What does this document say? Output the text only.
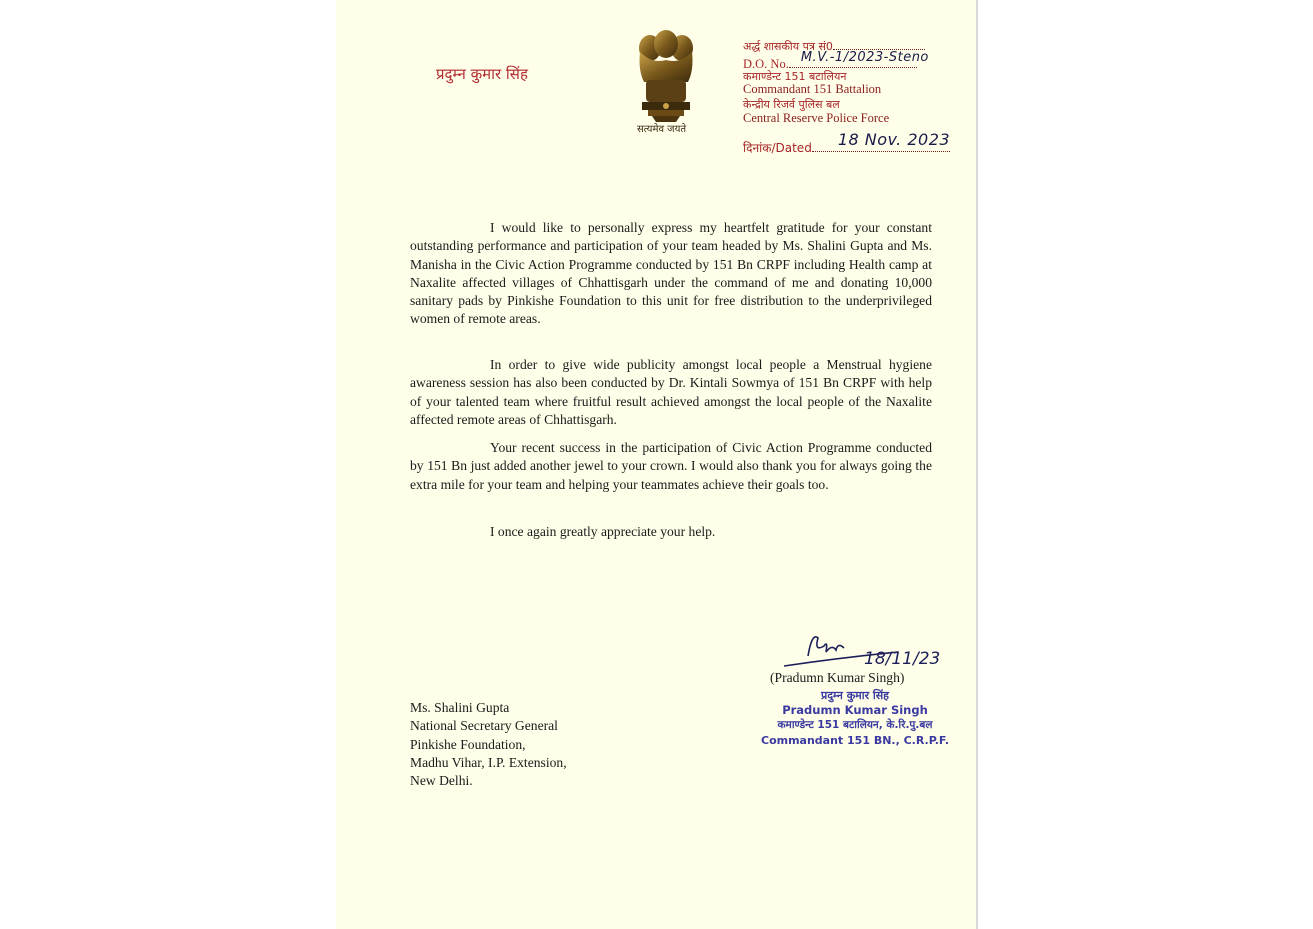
प्रदुम्न कुमार सिंह
सत्यमेव जयते
अर्द्ध शासकीय पत्र सं0
D.O. No. M.V.-1/2023-Steno
कमाण्डेन्ट 151 बटालियन
Commandant 151 Battalion
केन्द्रीय रिजर्व पुलिस बल
Central Reserve Police Force
दिनांक/Dated 18 Nov. 2023

I would like to personally express my heartfelt gratitude for your constant outstanding performance and participation of your team headed by Ms. Shalini Gupta and Ms. Manisha in the Civic Action Programme conducted by 151 Bn CRPF including Health camp at Naxalite affected villages of Chhattisgarh under the command of me and donating 10,000 sanitary pads by Pinkishe Foundation to this unit for free distribution to the underprivileged women of remote areas.

In order to give wide publicity amongst local people a Menstrual hygiene awareness session has also been conducted by Dr. Kintali Sowmya of 151 Bn CRPF with help of your talented team where fruitful result achieved amongst the local people of the Naxalite affected remote areas of Chhattisgarh.

Your recent success in the participation of Civic Action Programme conducted by 151 Bn just added another jewel to your crown. I would also thank you for always going the extra mile for your team and helping your teammates achieve their goals too.

I once again greatly appreciate your help.

18/11/23
(Pradumn Kumar Singh)
प्रदुम्न कुमार सिंह
Pradumn Kumar Singh
कमाण्डेन्ट 151 बटालियन, के.रि.पु.बल
Commandant 151 BN., C.R.P.F.
Ms. Shalini Gupta
National Secretary General
Pinkishe Foundation,
Madhu Vihar, I.P. Extension,
New Delhi.
